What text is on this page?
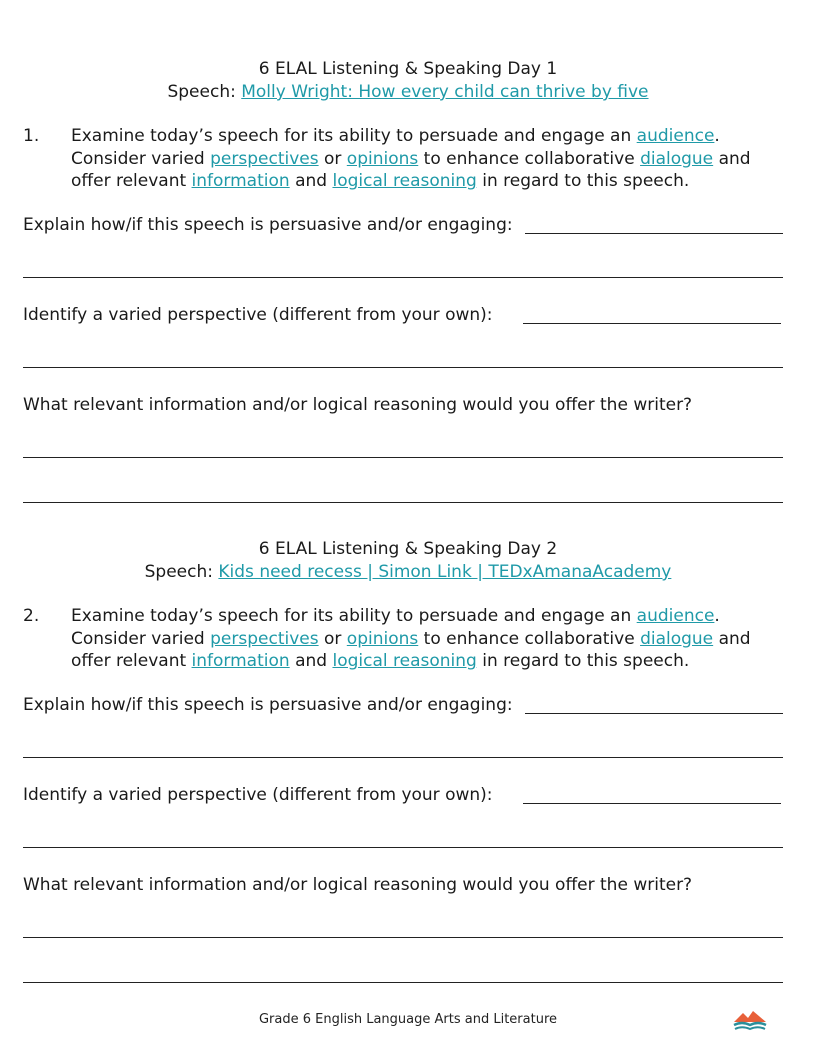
6 ELAL Listening & Speaking Day 1
Speech: Molly Wright: How every child can thrive by five
1. Examine today’s speech for its ability to persuade and engage an audience.
Consider varied perspectives or opinions to enhance collaborative dialogue and
offer relevant information and logical reasoning in regard to this speech.
Explain how/if this speech is persuasive and/or engaging:
Identify a varied perspective (different from your own):
What relevant information and/or logical reasoning would you offer the writer?
6 ELAL Listening & Speaking Day 2
Speech: Kids need recess | Simon Link | TEDxAmanaAcademy
2. Examine today’s speech for its ability to persuade and engage an audience.
Consider varied perspectives or opinions to enhance collaborative dialogue and
offer relevant information and logical reasoning in regard to this speech.
Explain how/if this speech is persuasive and/or engaging:
Identify a varied perspective (different from your own):
What relevant information and/or logical reasoning would you offer the writer?
Grade 6 English Language Arts and Literature
